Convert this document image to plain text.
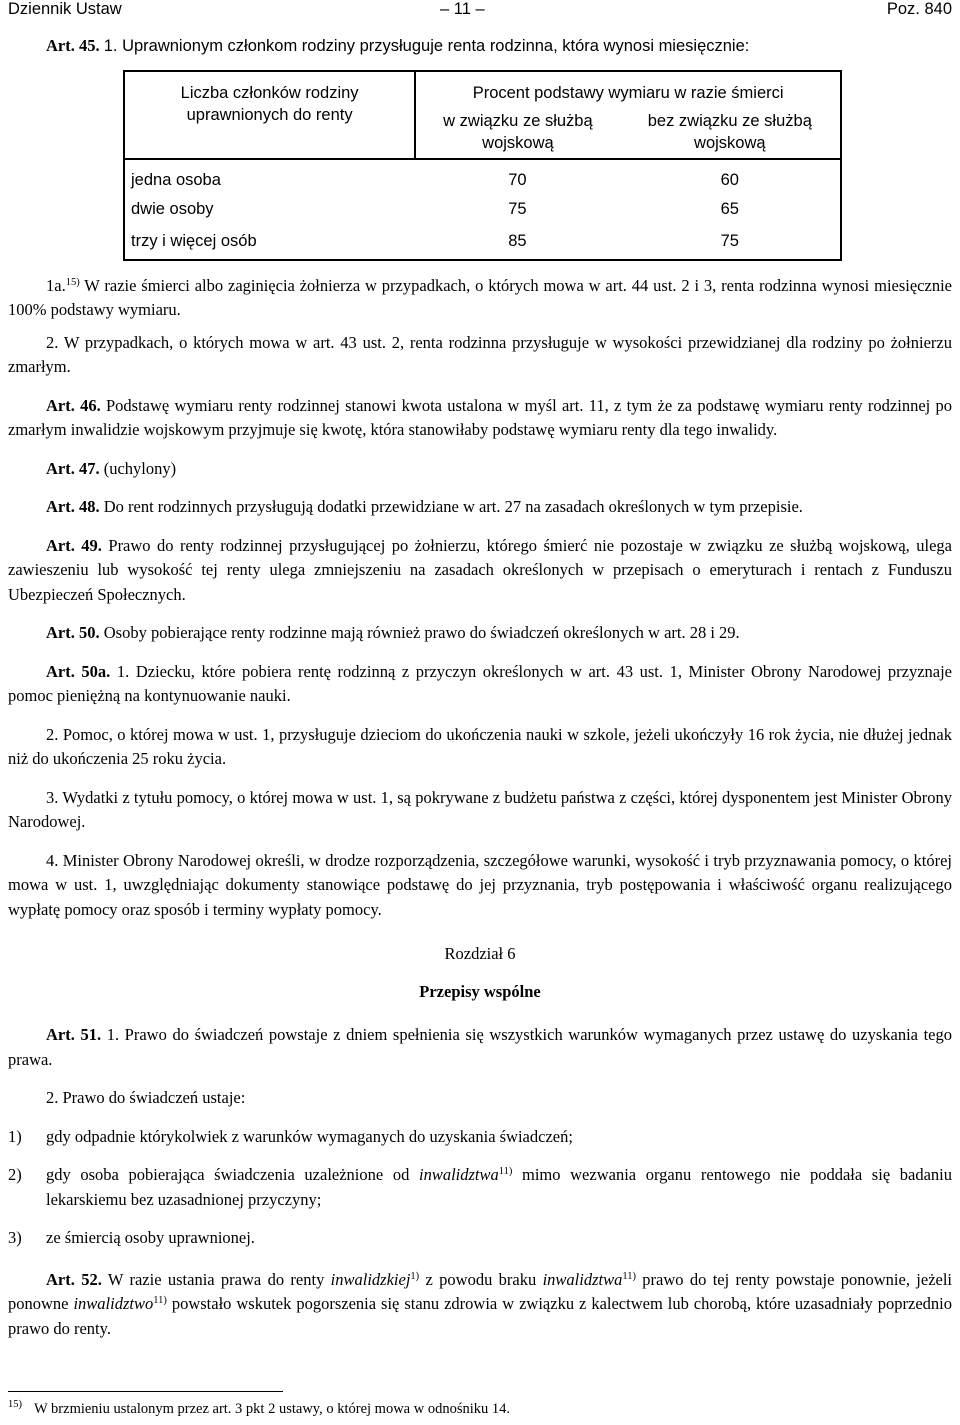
Dziennik Ustaw	– 11 –	Poz. 840

Art. 45. 1. Uprawnionym członkom rodziny przysługuje renta rodzinna, która wynosi miesięcznie:

Liczba członków rodziny uprawnionych do renty	Procent podstawy wymiaru w razie śmierci	
	w związku ze służbą wojskową	bez związku ze służbą wojskową
jedna osoba	70	60
dwie osoby	75	65
trzy i więcej osób	85	75

1a.$^{15)}$ W razie śmierci albo zaginięcia żołnierza w przypadkach, o których mowa w art. 44 ust. 2 i 3, renta rodzinna wynosi miesięcznie 100% podstawy wymiaru.

2. W przypadkach, o których mowa w art. 43 ust. 2, renta rodzinna przysługuje w wysokości przewidzianej dla rodziny po żołnierzu zmarłym.

Art. 46. Podstawę wymiaru renty rodzinnej stanowi kwota ustalona w myśl art. 11, z tym że za podstawę wymiaru renty rodzinnej po zmarłym inwalidzie wojskowym przyjmuje się kwotę, która stanowiłaby podstawę wymiaru renty dla tego inwalidy.

Art. 47. (uchylony)

Art. 48. Do rent rodzinnych przysługują dodatki przewidziane w art. 27 na zasadach określonych w tym przepisie.

Art. 49. Prawo do renty rodzinnej przysługującej po żołnierzu, którego śmierć nie pozostaje w związku ze służbą wojskową, ulega zawieszeniu lub wysokość tej renty ulega zmniejszeniu na zasadach określonych w przepisach o emeryturach i rentach z Funduszu Ubezpieczeń Społecznych.

Art. 50. Osoby pobierające renty rodzinne mają również prawo do świadczeń określonych w art. 28 i 29.

Art. 50a. 1. Dziecku, które pobiera rentę rodzinną z przyczyn określonych w art. 43 ust. 1, Minister Obrony Narodowej przyznaje pomoc pieniężną na kontynuowanie nauki.

2. Pomoc, o której mowa w ust. 1, przysługuje dzieciom do ukończenia nauki w szkole, jeżeli ukończyły 16 rok życia, nie dłużej jednak niż do ukończenia 25 roku życia.

3. Wydatki z tytułu pomocy, o której mowa w ust. 1, są pokrywane z budżetu państwa z części, której dysponentem jest Minister Obrony Narodowej.

4. Minister Obrony Narodowej określi, w drodze rozporządzenia, szczegółowe warunki, wysokość i tryb przyznawania pomocy, o której mowa w ust. 1, uwzględniając dokumenty stanowiące podstawę do jej przyznania, tryb postępowania i właściwość organu realizującego wypłatę pomocy oraz sposób i terminy wypłaty pomocy.

Rozdział 6
Przepisy wspólne

Art. 51. 1. Prawo do świadczeń powstaje z dniem spełnienia się wszystkich warunków wymaganych przez ustawę do uzyskania tego prawa.

2. Prawo do świadczeń ustaje:

1) gdy odpadnie którykolwiek z warunków wymaganych do uzyskania świadczeń;
2) gdy osoba pobierająca świadczenia uzależnione od inwalidztwa$^{11)}$ mimo wezwania organu rentowego nie poddała się badaniu lekarskiemu bez uzasadnionej przyczyny;
3) ze śmiercią osoby uprawnionej.

Art. 52. W razie ustania prawa do renty inwalidzkiej$^{1)}$ z powodu braku inwalidztwa$^{11)}$ prawo do tej renty powstaje ponownie, jeżeli ponowne inwalidztwo$^{11)}$ powstało wskutek pogorszenia się stanu zdrowia w związku z kalectwem lub chorobą, które uzasadniały poprzednio prawo do renty.

$^{15)}$ W brzmieniu ustalonym przez art. 3 pkt 2 ustawy, o której mowa w odnośniku 14.
